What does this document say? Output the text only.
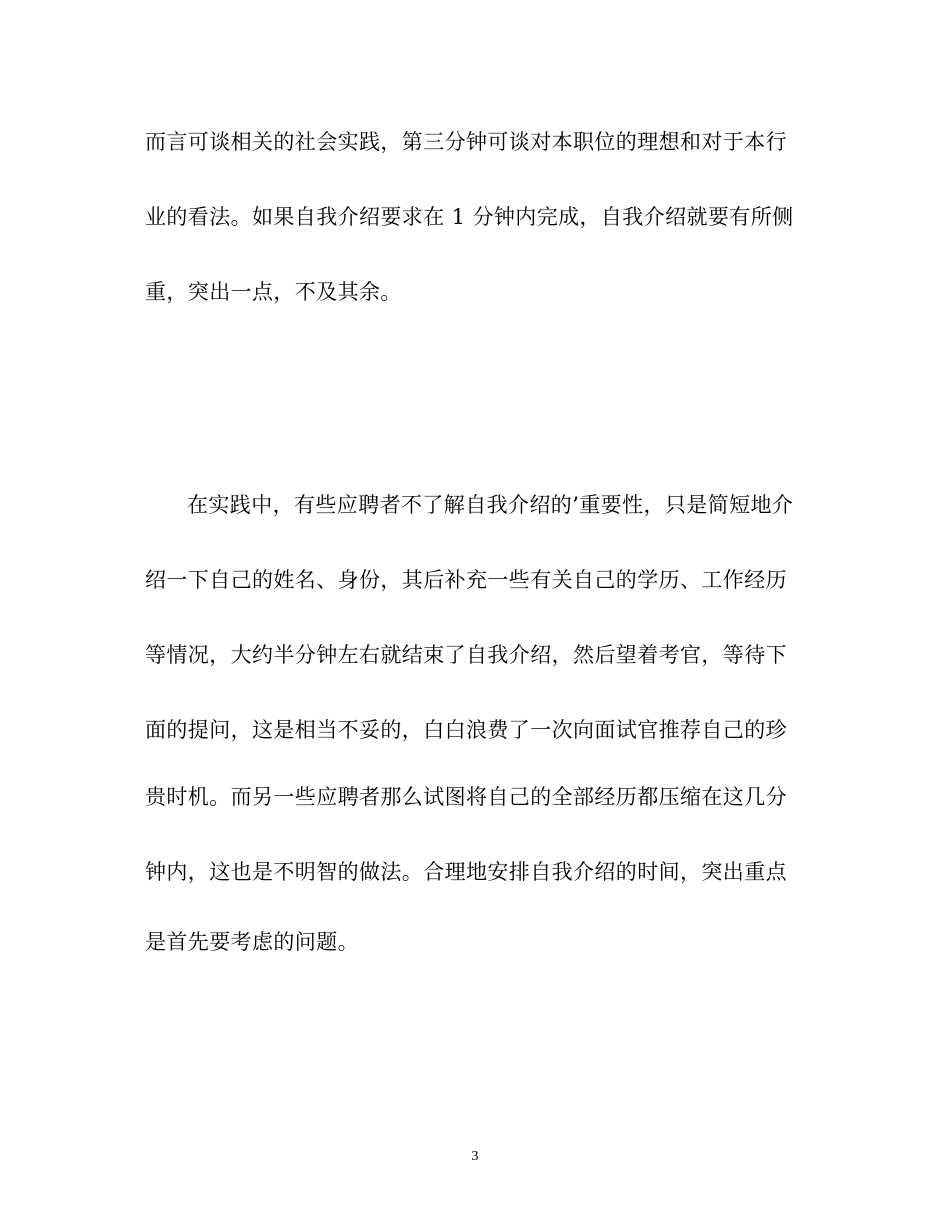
而言可谈相关的社会实践，第三分钟可谈对本职位的理想和对于本行
业的看法。如果自我介绍要求在 1 分钟内完成，自我介绍就要有所侧
重，突出一点，不及其余。
在实践中，有些应聘者不了解自我介绍的’重要性，只是简短地介
绍一下自己的姓名、身份，其后补充一些有关自己的学历、工作经历
等情况，大约半分钟左右就结束了自我介绍，然后望着考官，等待下
面的提问，这是相当不妥的，白白浪费了一次向面试官推荐自己的珍
贵时机。而另一些应聘者那么试图将自己的全部经历都压缩在这几分
钟内，这也是不明智的做法。合理地安排自我介绍的时间，突出重点
是首先要考虑的问题。
3
